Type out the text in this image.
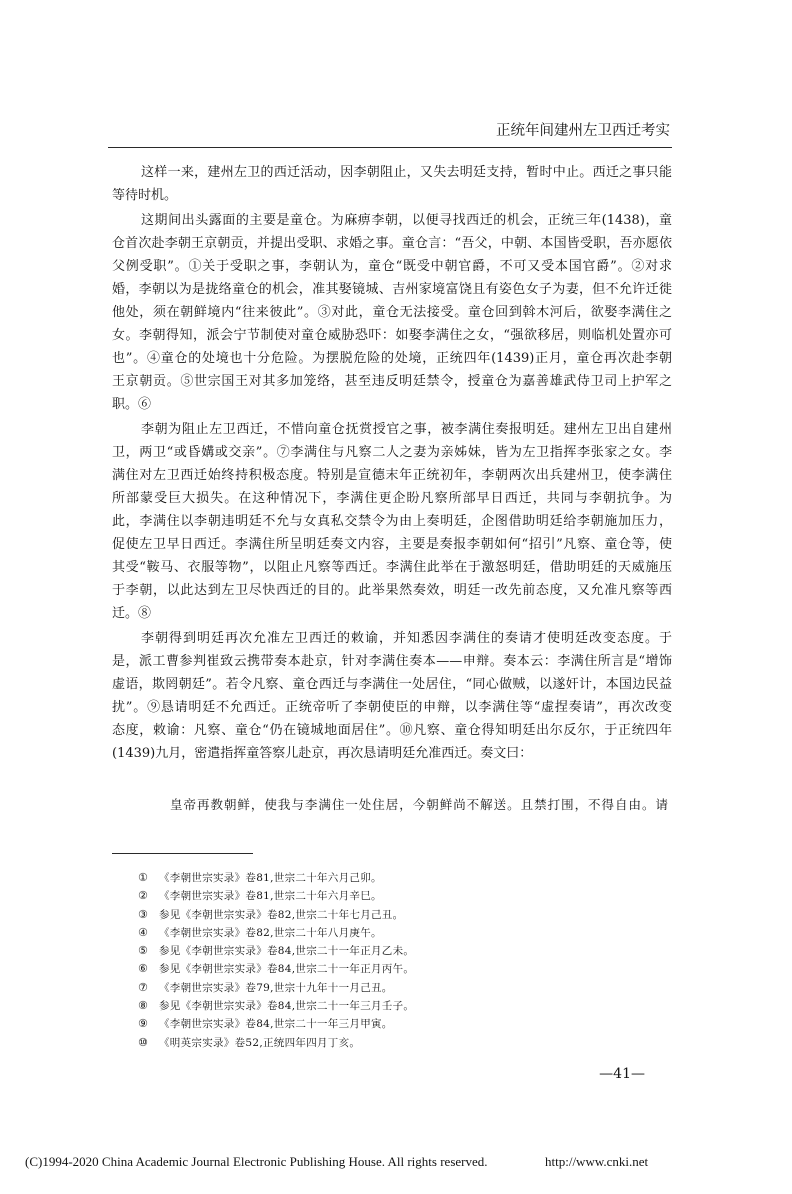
正统年间建州左卫西迁考实
这样一来，建州左卫的西迁活动，因李朝阻止，又失去明廷支持，暂时中止。西迁之事只能
等待时机。
这期间出头露面的主要是童仓。为麻痹李朝，以便寻找西迁的机会，正统三年(1438)，童
仓首次赴李朝王京朝贡，并提出受职、求婚之事。童仓言：“吾父，中朝、本国皆受职，吾亦愿依
父例受职”。①关于受职之事，李朝认为，童仓“既受中朝官爵，不可又受本国官爵”。②对求
婚，李朝以为是拢络童仓的机会，准其娶镜城、吉州家境富饶且有姿色女子为妻，但不允许迁徙
他处，须在朝鲜境内“往来彼此”。③对此，童仓无法接受。童仓回到斡木河后，欲娶李满住之
女。李朝得知，派会宁节制使对童仓威胁恐吓：如娶李满住之女，“强欲移居，则临机处置亦可
也”。④童仓的处境也十分危险。为摆脱危险的处境，正统四年(1439)正月，童仓再次赴李朝
王京朝贡。⑤世宗国王对其多加笼络，甚至违反明廷禁令，授童仓为嘉善雄武侍卫司上护军之
职。⑥
李朝为阻止左卫西迁，不惜向童仓抚赏授官之事，被李满住奏报明廷。建州左卫出自建州
卫，两卫“或昏媾或交亲”。⑦李满住与凡察二人之妻为亲姊妹，皆为左卫指挥李张家之女。李
满住对左卫西迁始终持积极态度。特别是宣德末年正统初年，李朝两次出兵建州卫，使李满住
所部蒙受巨大损失。在这种情况下，李满住更企盼凡察所部早日西迁，共同与李朝抗争。为
此，李满住以李朝违明廷不允与女真私交禁令为由上奏明廷，企图借助明廷给李朝施加压力，
促使左卫早日西迁。李满住所呈明廷奏文内容，主要是奏报李朝如何“招引”凡察、童仓等，使
其受“鞍马、衣服等物”，以阻止凡察等西迁。李满住此举在于激怒明廷，借助明廷的天威施压
于李朝，以此达到左卫尽快西迁的目的。此举果然奏效，明廷一改先前态度，又允准凡察等西
迁。⑧
李朝得到明廷再次允准左卫西迁的敕谕，并知悉因李满住的奏请才使明廷改变态度。于
是，派工曹参判崔致云携带奏本赴京，针对李满住奏本——申辩。奏本云：李满住所言是“增饰
虚语，欺罔朝廷”。若令凡察、童仓西迁与李满住一处居住，“同心做贼，以遂奸计，本国边民益
扰”。⑨恳请明廷不允西迁。正统帝听了李朝使臣的申辩，以李满住等“虚捏奏请”，再次改变
态度，敕谕：凡察、童仓“仍在镜城地面居住”。⑩凡察、童仓得知明廷出尔反尔，于正统四年
(1439)九月，密遣指挥童答察儿赴京，再次恳请明廷允准西迁。奏文曰：
皇帝再教朝鲜，使我与李满住一处住居，今朝鲜尚不解送。且禁打围，不得自由。请
①	《李朝世宗实录》卷81,世宗二十年六月己卯。
②	《李朝世宗实录》卷81,世宗二十年六月辛巳。
③	参见《李朝世宗实录》卷82,世宗二十年七月己丑。
④	《李朝世宗实录》卷82,世宗二十年八月庚午。
⑤	参见《李朝世宗实录》卷84,世宗二十一年正月乙未。
⑥	参见《李朝世宗实录》卷84,世宗二十一年正月丙午。
⑦	《李朝世宗实录》卷79,世宗十九年十一月己丑。
⑧	参见《李朝世宗实录》卷84,世宗二十一年三月壬子。
⑨	《李朝世宗实录》卷84,世宗二十一年三月甲寅。
⑩	《明英宗实录》卷52,正统四年四月丁亥。
—41—
(C)1994-2020 China Academic Journal Electronic Publishing House. All rights reserved.	http://www.cnki.net
